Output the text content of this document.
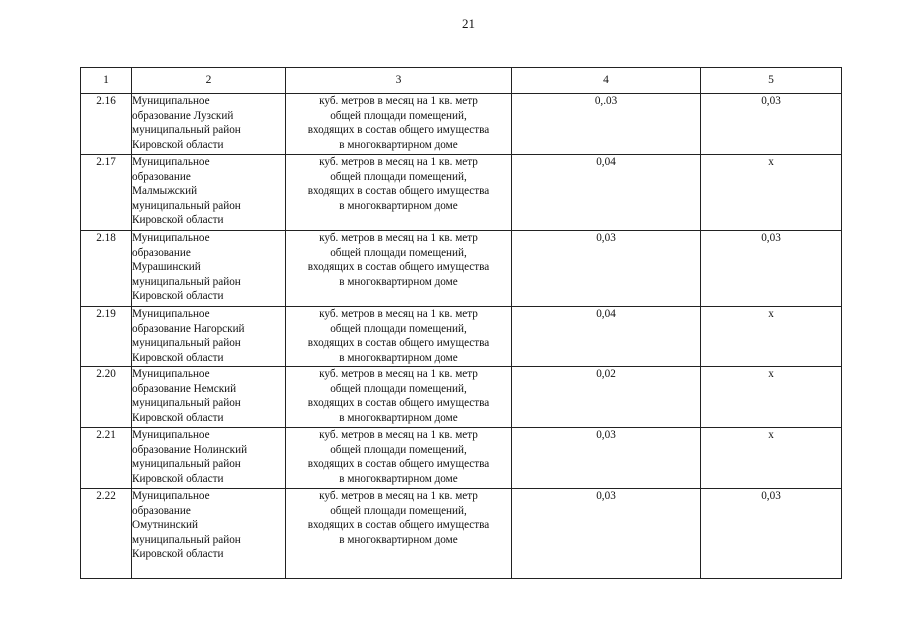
21
1	2	3	4	5
2.16	Муниципальное
образование Лузский
муниципальный район
Кировской области	куб. метров в месяц на 1 кв. метр
общей площади помещений,
входящих в состав общего имущества
в многоквартирном доме	0,.03	0,03
2.17	Муниципальное
образование
Малмыжский
муниципальный район
Кировской области	куб. метров в месяц на 1 кв. метр
общей площади помещений,
входящих в состав общего имущества
в многоквартирном доме	0,04	х
2.18	Муниципальное
образование
Мурашинский
муниципальный район
Кировской области	куб. метров в месяц на 1 кв. метр
общей площади помещений,
входящих в состав общего имущества
в многоквартирном доме	0,03	0,03
2.19	Муниципальное
образование Нагорский
муниципальный район
Кировской области	куб. метров в месяц на 1 кв. метр
общей площади помещений,
входящих в состав общего имущества
в многоквартирном доме	0,04	х
2.20	Муниципальное
образование Немский
муниципальный район
Кировской области	куб. метров в месяц на 1 кв. метр
общей площади помещений,
входящих в состав общего имущества
в многоквартирном доме	0,02	х
2.21	Муниципальное
образование Нолинский
муниципальный район
Кировской области	куб. метров в месяц на 1 кв. метр
общей площади помещений,
входящих в состав общего имущества
в многоквартирном доме	0,03	х
2.22	Муниципальное
образование
Омутнинский
муниципальный район
Кировской области	куб. метров в месяц на 1 кв. метр
общей площади помещений,
входящих в состав общего имущества
в многоквартирном доме	0,03	0,03
